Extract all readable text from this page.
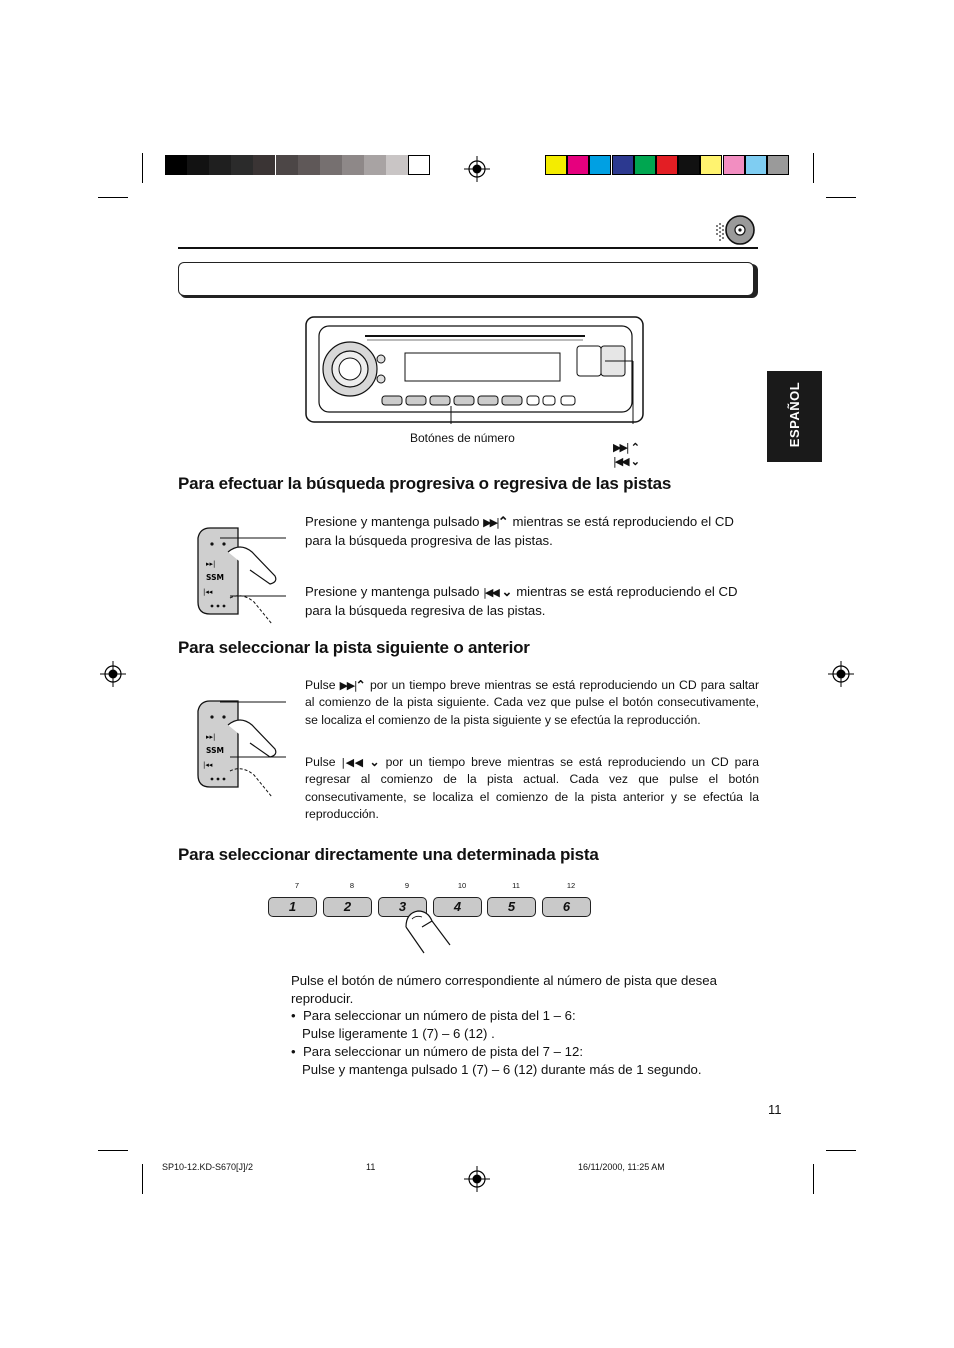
ESPAÑOL
Botónes de número
▶▶| ⌃
|◀◀ ⌄
Para efectuar la búsqueda progresiva o regresiva de las pistas
▸▸|
SSM
|◂◂
Presione y mantenga pulsado ▶▶|⌃ mientras se está reproduciendo el CD para la búsqueda progresiva de las pistas.
Presione y mantenga pulsado |◀◀ ⌄ mientras se está reproduciendo el CD para la búsqueda regresiva de las pistas.
Para seleccionar la pista siguiente o anterior
▸▸|
SSM
|◂◂
Pulse ▶▶|⌃ por un tiempo breve mientras se está reproduciendo un CD para saltar al comienzo de la pista siguiente. Cada vez que pulse el botón consecutivamente, se localiza el comienzo de la pista siguiente y se efectúa la reproducción.
Pulse |◀◀ ⌄ por un tiempo breve mientras se está reproduciendo un CD para regresar al comienzo de la pista actual. Cada vez que pulse el botón consecutivamente, se localiza el comienzo de la pista anterior y se efectúa la reproducción.
Para seleccionar directamente una determinada pista
7	8	9	10	11	12
1	2	3	4	5	6
Pulse el botón de número correspondiente al número de pista que desea reproducir.
•  Para seleccionar un número de pista del 1 – 6:
Pulse ligeramente 1 (7) – 6 (12) .
•  Para seleccionar un número de pista del 7 – 12:
Pulse y mantenga pulsado 1 (7) – 6 (12) durante más de 1 segundo.
11
SP10-12.KD-S670[J]/2	11	16/11/2000, 11:25 AM
